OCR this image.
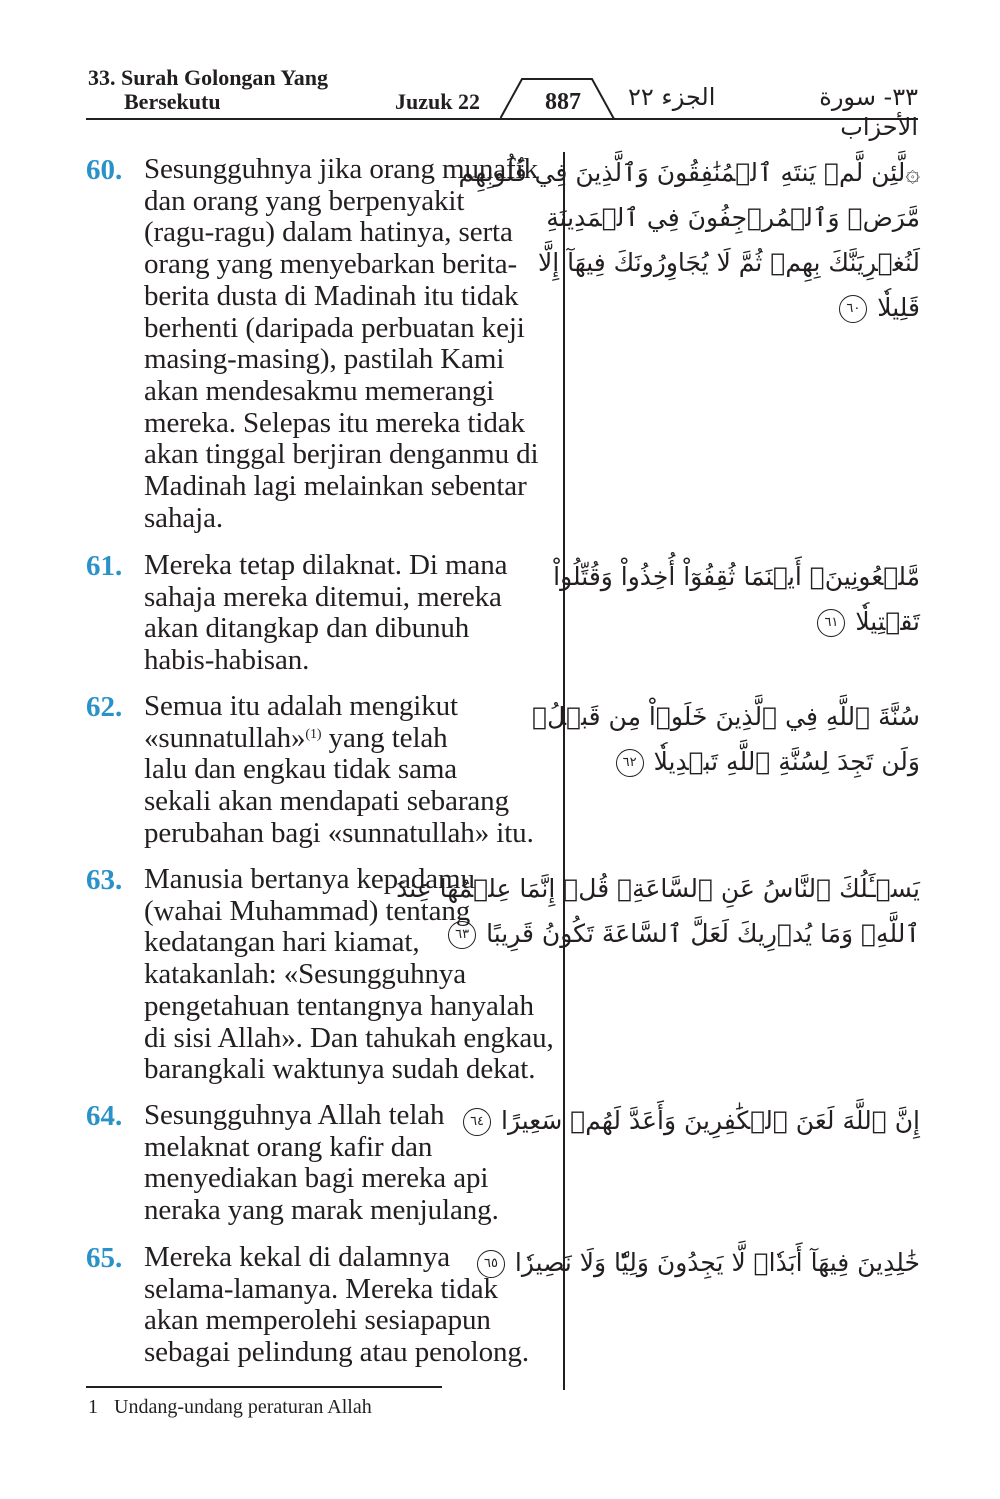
33. Surah Golongan Yang
Bersekutu	Juzuk 22	887	الجزء ٢٢	٣٣- سورة الأحزاب
60. Sesungguhnya jika orang munafik
dan orang yang berpenyakit
(ragu-ragu) dalam hatinya, serta
orang yang menyebarkan berita-
berita dusta di Madinah itu tidak
berhenti (daripada perbuatan keji
masing-masing), pastilah Kami
akan mendesakmu memerangi
mereka. Selepas itu mereka tidak
akan tinggal berjiran denganmu di
Madinah lagi melainkan sebentar
sahaja.
۞لَّئِن لَّمۡ يَنتَهِ ٱلۡمُنَٰفِقُونَ وَٱلَّذِينَ فِي قُلُوبِهِم
مَّرَضٞ وَٱلۡمُرۡجِفُونَ فِي ٱلۡمَدِينَةِ
لَنُغۡرِيَنَّكَ بِهِمۡ ثُمَّ لَا يُجَاوِرُونَكَ فِيهَآ إِلَّا
قَلِيلٗا ٦٠
61. Mereka tetap dilaknat. Di mana
sahaja mereka ditemui, mereka
akan ditangkap dan dibunuh
habis-habisan.
مَّلۡعُونِينَۖ أَيۡنَمَا ثُقِفُوٓاْ أُخِذُواْ وَقُتِّلُواْ
تَقۡتِيلٗا ٦١
62. Semua itu adalah mengikut
«sunnatullah»$^{(1)}$ yang telah
lalu dan engkau tidak sama
sekali akan mendapati sebarang
perubahan bagi «sunnatullah» itu.
سُنَّةَ ٱللَّهِ فِي ٱلَّذِينَ خَلَوۡاْ مِن قَبۡلُۖ
وَلَن تَجِدَ لِسُنَّةِ ٱللَّهِ تَبۡدِيلٗا ٦٢
63. Manusia bertanya kepadamu
(wahai Muhammad) tentang
kedatangan hari kiamat,
katakanlah: «Sesungguhnya
pengetahuan tentangnya hanyalah
di sisi Allah». Dan tahukah engkau,
barangkali waktunya sudah dekat.
يَسۡـَٔلُكَ ٱلنَّاسُ عَنِ ٱلسَّاعَةِۖ قُلۡ إِنَّمَا عِلۡمُهَا عِندَ
ٱللَّهِۚ وَمَا يُدۡرِيكَ لَعَلَّ ٱلسَّاعَةَ تَكُونُ قَرِيبًا ٦٣
64. Sesungguhnya Allah telah
melaknat orang kafir dan
menyediakan bagi mereka api
neraka yang marak menjulang.
إِنَّ ٱللَّهَ لَعَنَ ٱلۡكَٰفِرِينَ وَأَعَدَّ لَهُمۡ سَعِيرًا ٦٤
65. Mereka kekal di dalamnya
selama-lamanya. Mereka tidak
akan memperolehi sesiapapun
sebagai pelindung atau penolong.
خَٰلِدِينَ فِيهَآ أَبَدٗاۖ لَّا يَجِدُونَ وَلِيّٗا وَلَا نَصِيرٗا ٦٥
1 Undang-undang peraturan Allah
